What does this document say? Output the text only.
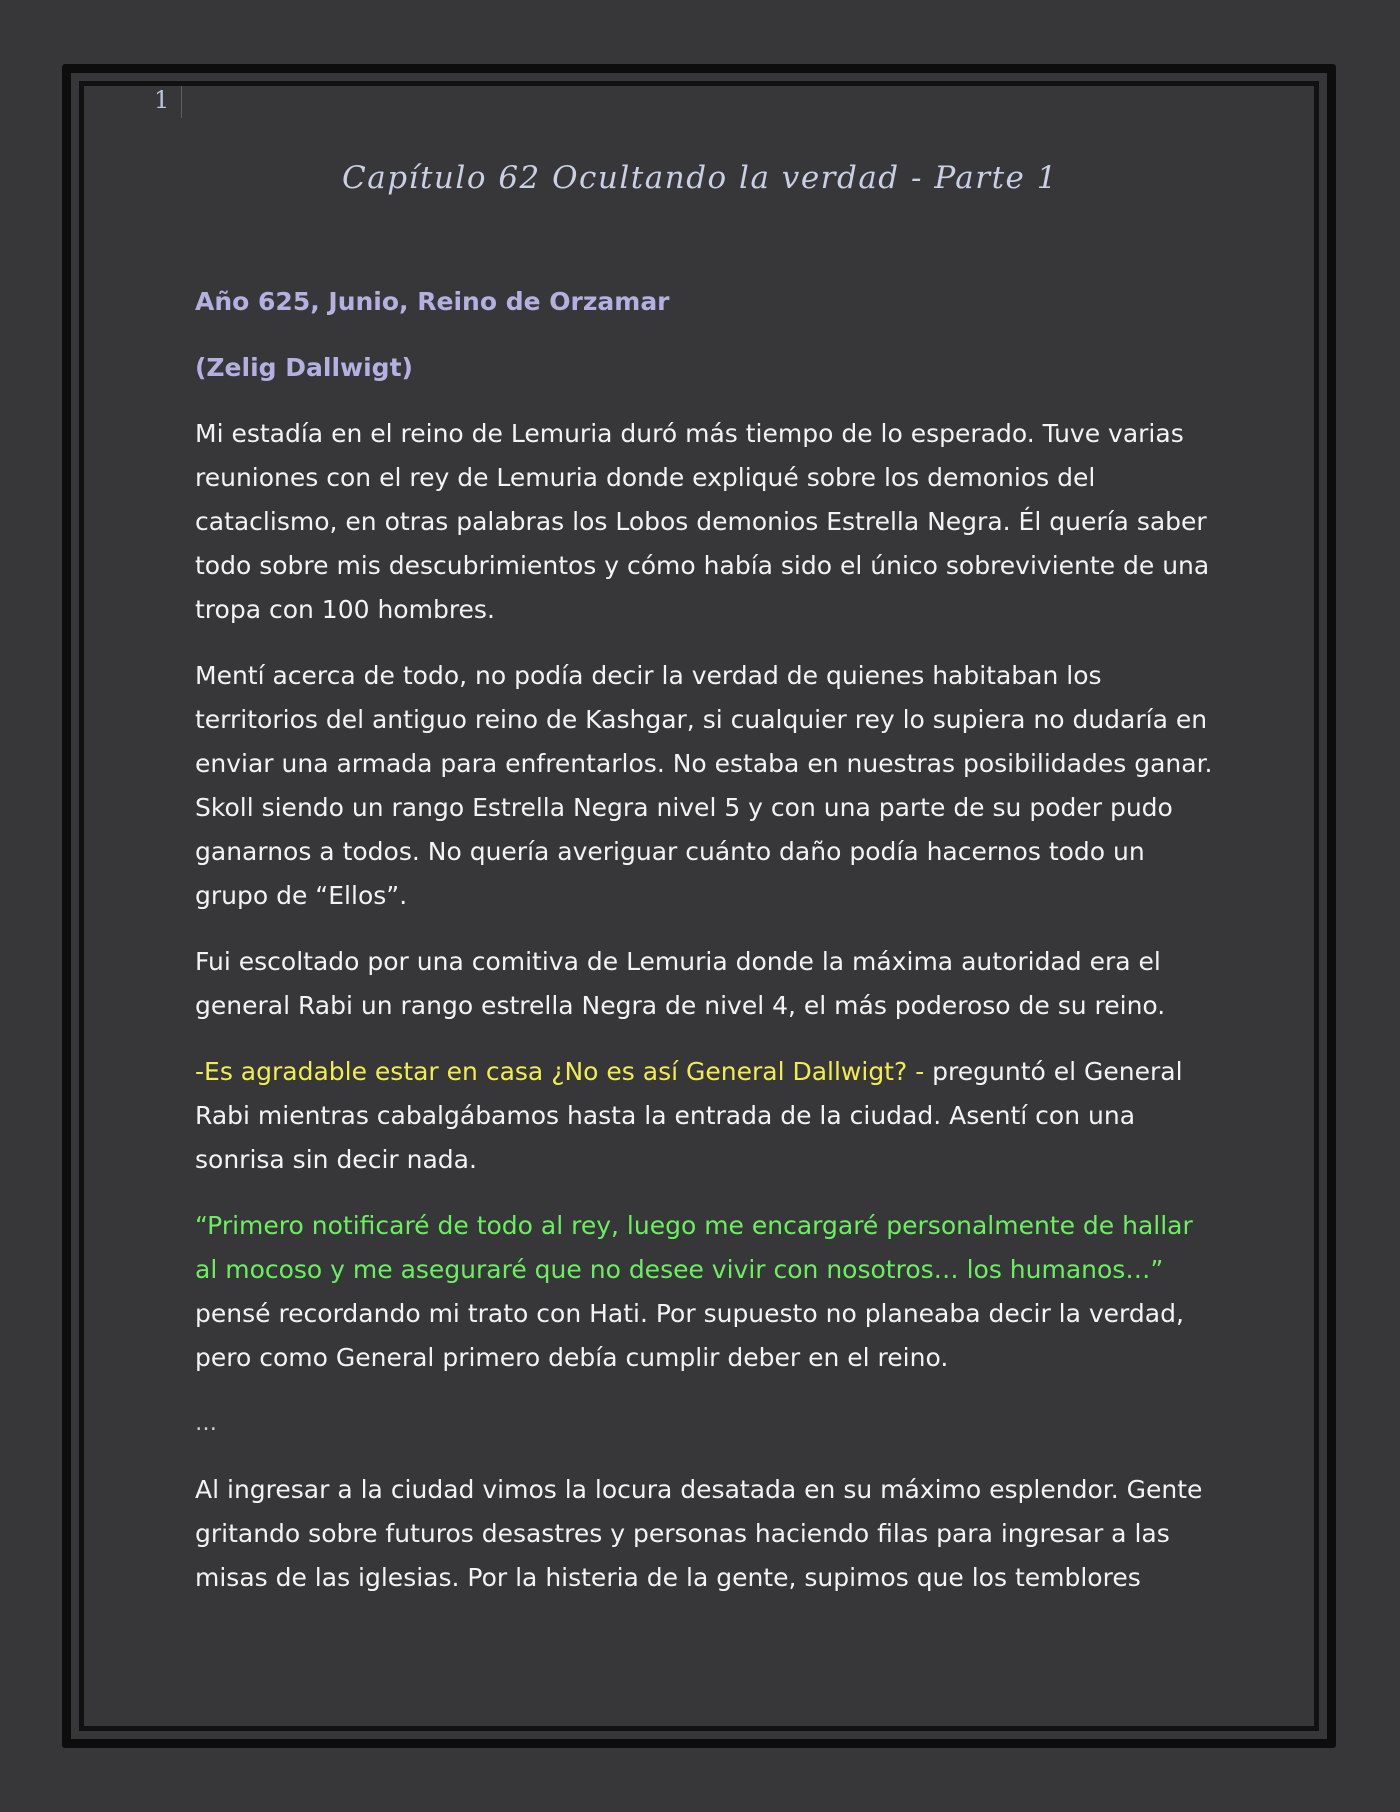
1
Capítulo 62 Ocultando la verdad - Parte 1

Año 625, Junio, Reino de Orzamar

(Zelig Dallwigt)

Mi estadía en el reino de Lemuria duró más tiempo de lo esperado. Tuve varias reuniones con el rey de Lemuria donde expliqué sobre los demonios del cataclismo, en otras palabras los Lobos demonios Estrella Negra. Él quería saber todo sobre mis descubrimientos y cómo había sido el único sobreviviente de una tropa con 100 hombres.

Mentí acerca de todo, no podía decir la verdad de quienes habitaban los territorios del antiguo reino de Kashgar, si cualquier rey lo supiera no dudaría en enviar una armada para enfrentarlos. No estaba en nuestras posibilidades ganar. Skoll siendo un rango Estrella Negra nivel 5 y con una parte de su poder pudo ganarnos a todos. No quería averiguar cuánto daño podía hacernos todo un grupo de “Ellos”.

Fui escoltado por una comitiva de Lemuria donde la máxima autoridad era el general Rabi un rango estrella Negra de nivel 4, el más poderoso de su reino.

-Es agradable estar en casa ¿No es así General Dallwigt? - preguntó el General Rabi mientras cabalgábamos hasta la entrada de la ciudad. Asentí con una sonrisa sin decir nada.

“Primero notificaré de todo al rey, luego me encargaré personalmente de hallar al mocoso y me aseguraré que no desee vivir con nosotros… los humanos…” pensé recordando mi trato con Hati. Por supuesto no planeaba decir la verdad, pero como General primero debía cumplir deber en el reino.

…

Al ingresar a la ciudad vimos la locura desatada en su máximo esplendor. Gente gritando sobre futuros desastres y personas haciendo filas para ingresar a las misas de las iglesias. Por la histeria de la gente, supimos que los temblores
